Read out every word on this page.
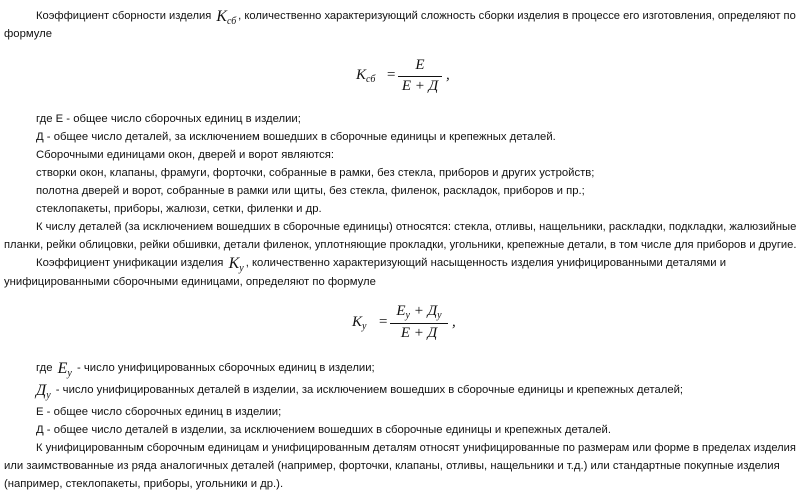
Коэффициент сборности изделия $K_{сб}$ , количественно характеризующий сложность сборки изделия в процессе его изготовления, определяют по
формуле
$K_{сб}$ =
E
E + Д
,
где Е - общее число сборочных единиц в изделии;
Д - общее число деталей, за исключением вошедших в сборочные единицы и крепежных деталей.
Сборочными единицами окон, дверей и ворот являются:
створки окон, клапаны, фрамуги, форточки, собранные в рамки, без стекла, приборов и других устройств;
полотна дверей и ворот, собранные в рамки или щиты, без стекла, филенок, раскладок, приборов и пр.;
стеклопакеты, приборы, жалюзи, сетки, филенки и др.
К числу деталей (за исключением вошедших в сборочные единицы) относятся: стекла, отливы, нащельники, раскладки, подкладки, жалюзийные
планки, рейки облицовки, рейки обшивки, детали филенок, уплотняющие прокладки, угольники, крепежные детали, в том числе для приборов и другие.
Коэффициент унификации изделия $K_у$ , количественно характеризующий насыщенность изделия унифицированными деталями и
унифицированными сборочными единицами, определяют по формуле
$K_у$ =
$E_у + Д_у$
E + Д
,
где $E_у$ - число унифицированных сборочных единиц в изделии;
$Д_у$ - число унифицированных деталей в изделии, за исключением вошедших в сборочные единицы и крепежных деталей;
Е - общее число сборочных единиц в изделии;
Д - общее число деталей в изделии, за исключением вошедших в сборочные единицы и крепежных деталей.
К унифицированным сборочным единицам и унифицированным деталям относят унифицированные по размерам или форме в пределах изделия
или заимствованные из ряда аналогичных деталей (например, форточки, клапаны, отливы, нащельники и т.д.) или стандартные покупные изделия
(например, стеклопакеты, приборы, угольники и др.).
